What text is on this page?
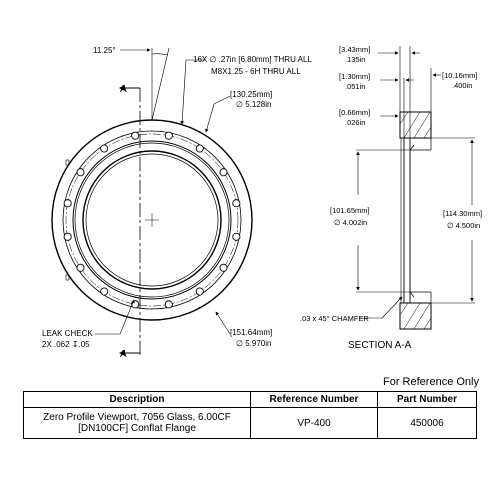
A
A
11.25°
16X ∅ .27in [6.80mm] THRU ALL
M8X1.25 - 6H THRU ALL
[130.25mm]
∅ 5.128in
[151.64mm]
∅ 5.970in
LEAK CHECK
2X .062 ↧.05
[3.43mm]
.135in
[1.30mm]
.051in
[0.66mm]
.026in
[10.16mm]
.400in
[101.65mm]
∅ 4.002in
[114.30mm]
∅ 4.500in
.03 x 45° CHAMFER
SECTION A-A
For Reference Only
Description	Reference Number	Part Number
Zero Profile Viewport, 7056 Glass, 6.00CF
[DN100CF] Conflat Flange	VP-400	450006
